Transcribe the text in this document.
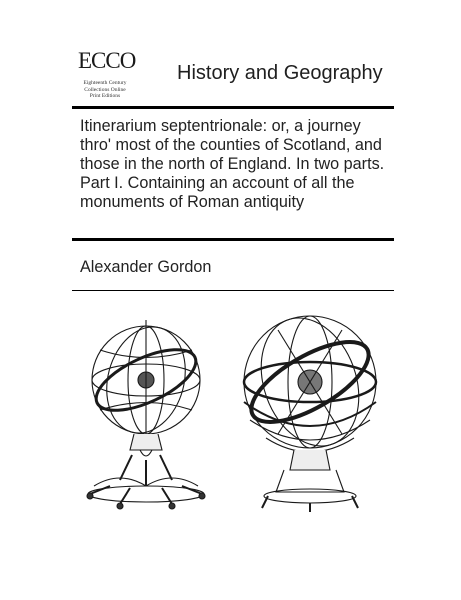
ECCO
Eighteenth Century
Collections Online
Print Editions
History and Geography
Itinerarium septentrionale: or, a journey thro' most of the counties of Scotland, and those in the north of England. In two parts. Part I. Containing an account of all the monuments of Roman antiquity
Alexander Gordon
